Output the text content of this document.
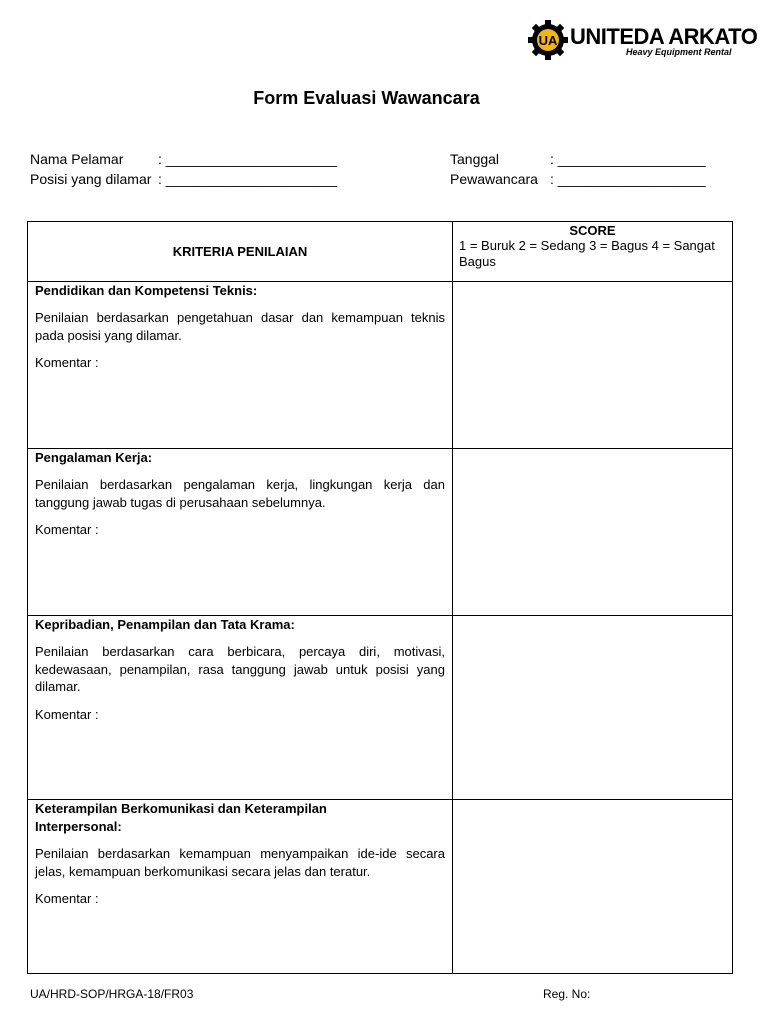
UA UNITEDA ARKATO
Heavy Equipment Rental
Form Evaluasi Wawancara
Nama Pelamar : ______________________
Posisi yang dilamar : ______________________
Tanggal	: ___________________
Pewawancara : ___________________
KRITERIA PENILAIAN	SCORE
1 = Buruk 2 = Sedang 3 = Bagus 4 = Sangat Bagus

Pendidikan dan Kompetensi Teknis:
Penilaian berdasarkan pengetahuan dasar dan kemampuan teknis pada posisi yang dilamar.
Komentar :	

Pengalaman Kerja:
Penilaian berdasarkan pengalaman kerja, lingkungan kerja dan tanggung jawab tugas di perusahaan sebelumnya.
Komentar :	

Kepribadian, Penampilan dan Tata Krama:
Penilaian berdasarkan cara berbicara, percaya diri, motivasi, kedewasaan, penampilan, rasa tanggung jawab untuk posisi yang dilamar.
Komentar :	

Keterampilan Berkomunikasi dan Keterampilan Interpersonal:
Penilaian berdasarkan kemampuan menyampaikan ide-ide secara jelas, kemampuan berkomunikasi secara jelas dan teratur.
Komentar :	

UA/HRD-SOP/HRGA-18/FR03	Reg. No:
